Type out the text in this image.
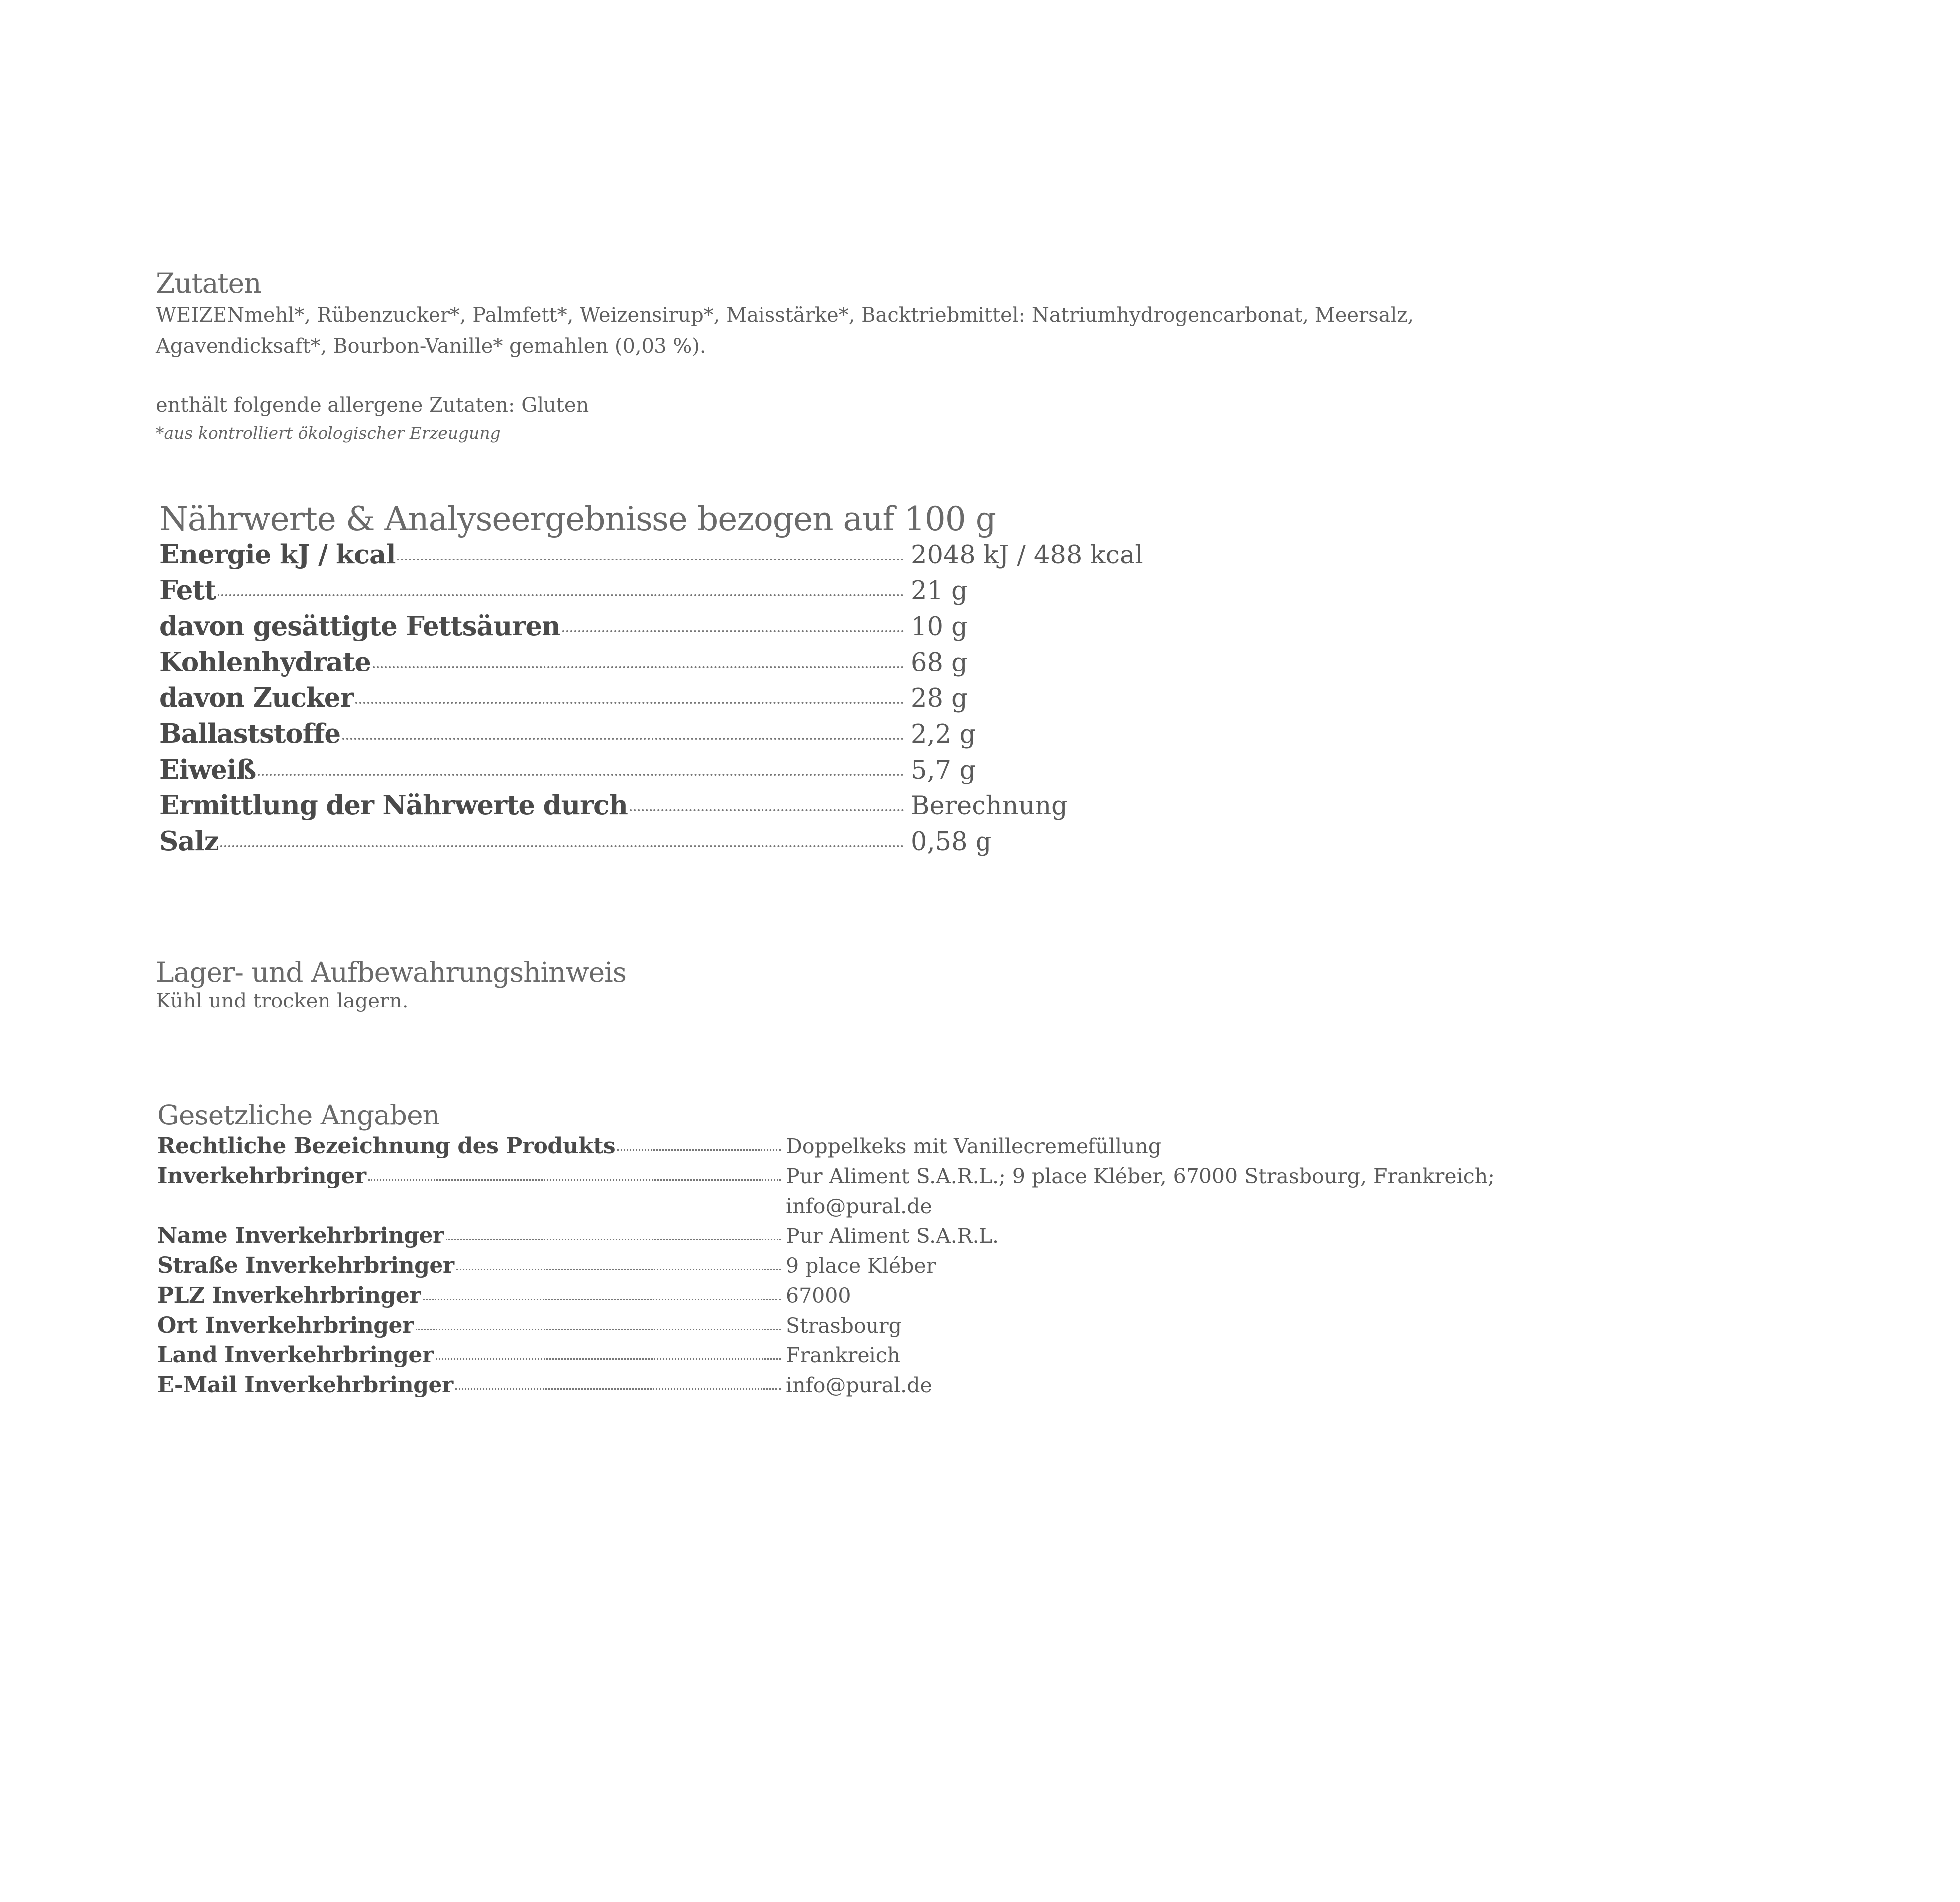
Zutaten

WEIZENmehl*, Rübenzucker*, Palmfett*, Weizensirup*, Maisstärke*, Backtriebmittel: Natriumhydrogencarbonat, Meersalz,

Agavendicksaft*, Bourbon-Vanille* gemahlen (0,03 %).

enthält folgende allergene Zutaten: Gluten

*aus kontrolliert ökologischer Erzeugung

Nährwerte & Analyseergebnisse bezogen auf 100 g
Energie kJ / kcal	2048 kJ / 488 kcal
Fett	21 g
davon gesättigte Fettsäuren	10 g
Kohlenhydrate	68 g
davon Zucker	28 g
Ballaststoffe	2,2 g
Eiweiß	5,7 g
Ermittlung der Nährwerte durch	Berechnung
Salz	0,58 g
Lager- und Aufbewahrungshinweis

Kühl und trocken lagern.

Gesetzliche Angaben
Rechtliche Bezeichnung des Produkts	Doppelkeks mit Vanillecremefüllung
Inverkehrbringer	Pur Aliment S.A.R.L.; 9 place Kléber, 67000 Strasbourg, Frankreich;
info@pural.de
Name Inverkehrbringer	Pur Aliment S.A.R.L.
Straße Inverkehrbringer	9 place Kléber
PLZ Inverkehrbringer	67000
Ort Inverkehrbringer	Strasbourg
Land Inverkehrbringer	Frankreich
E-Mail Inverkehrbringer	info@pural.de
